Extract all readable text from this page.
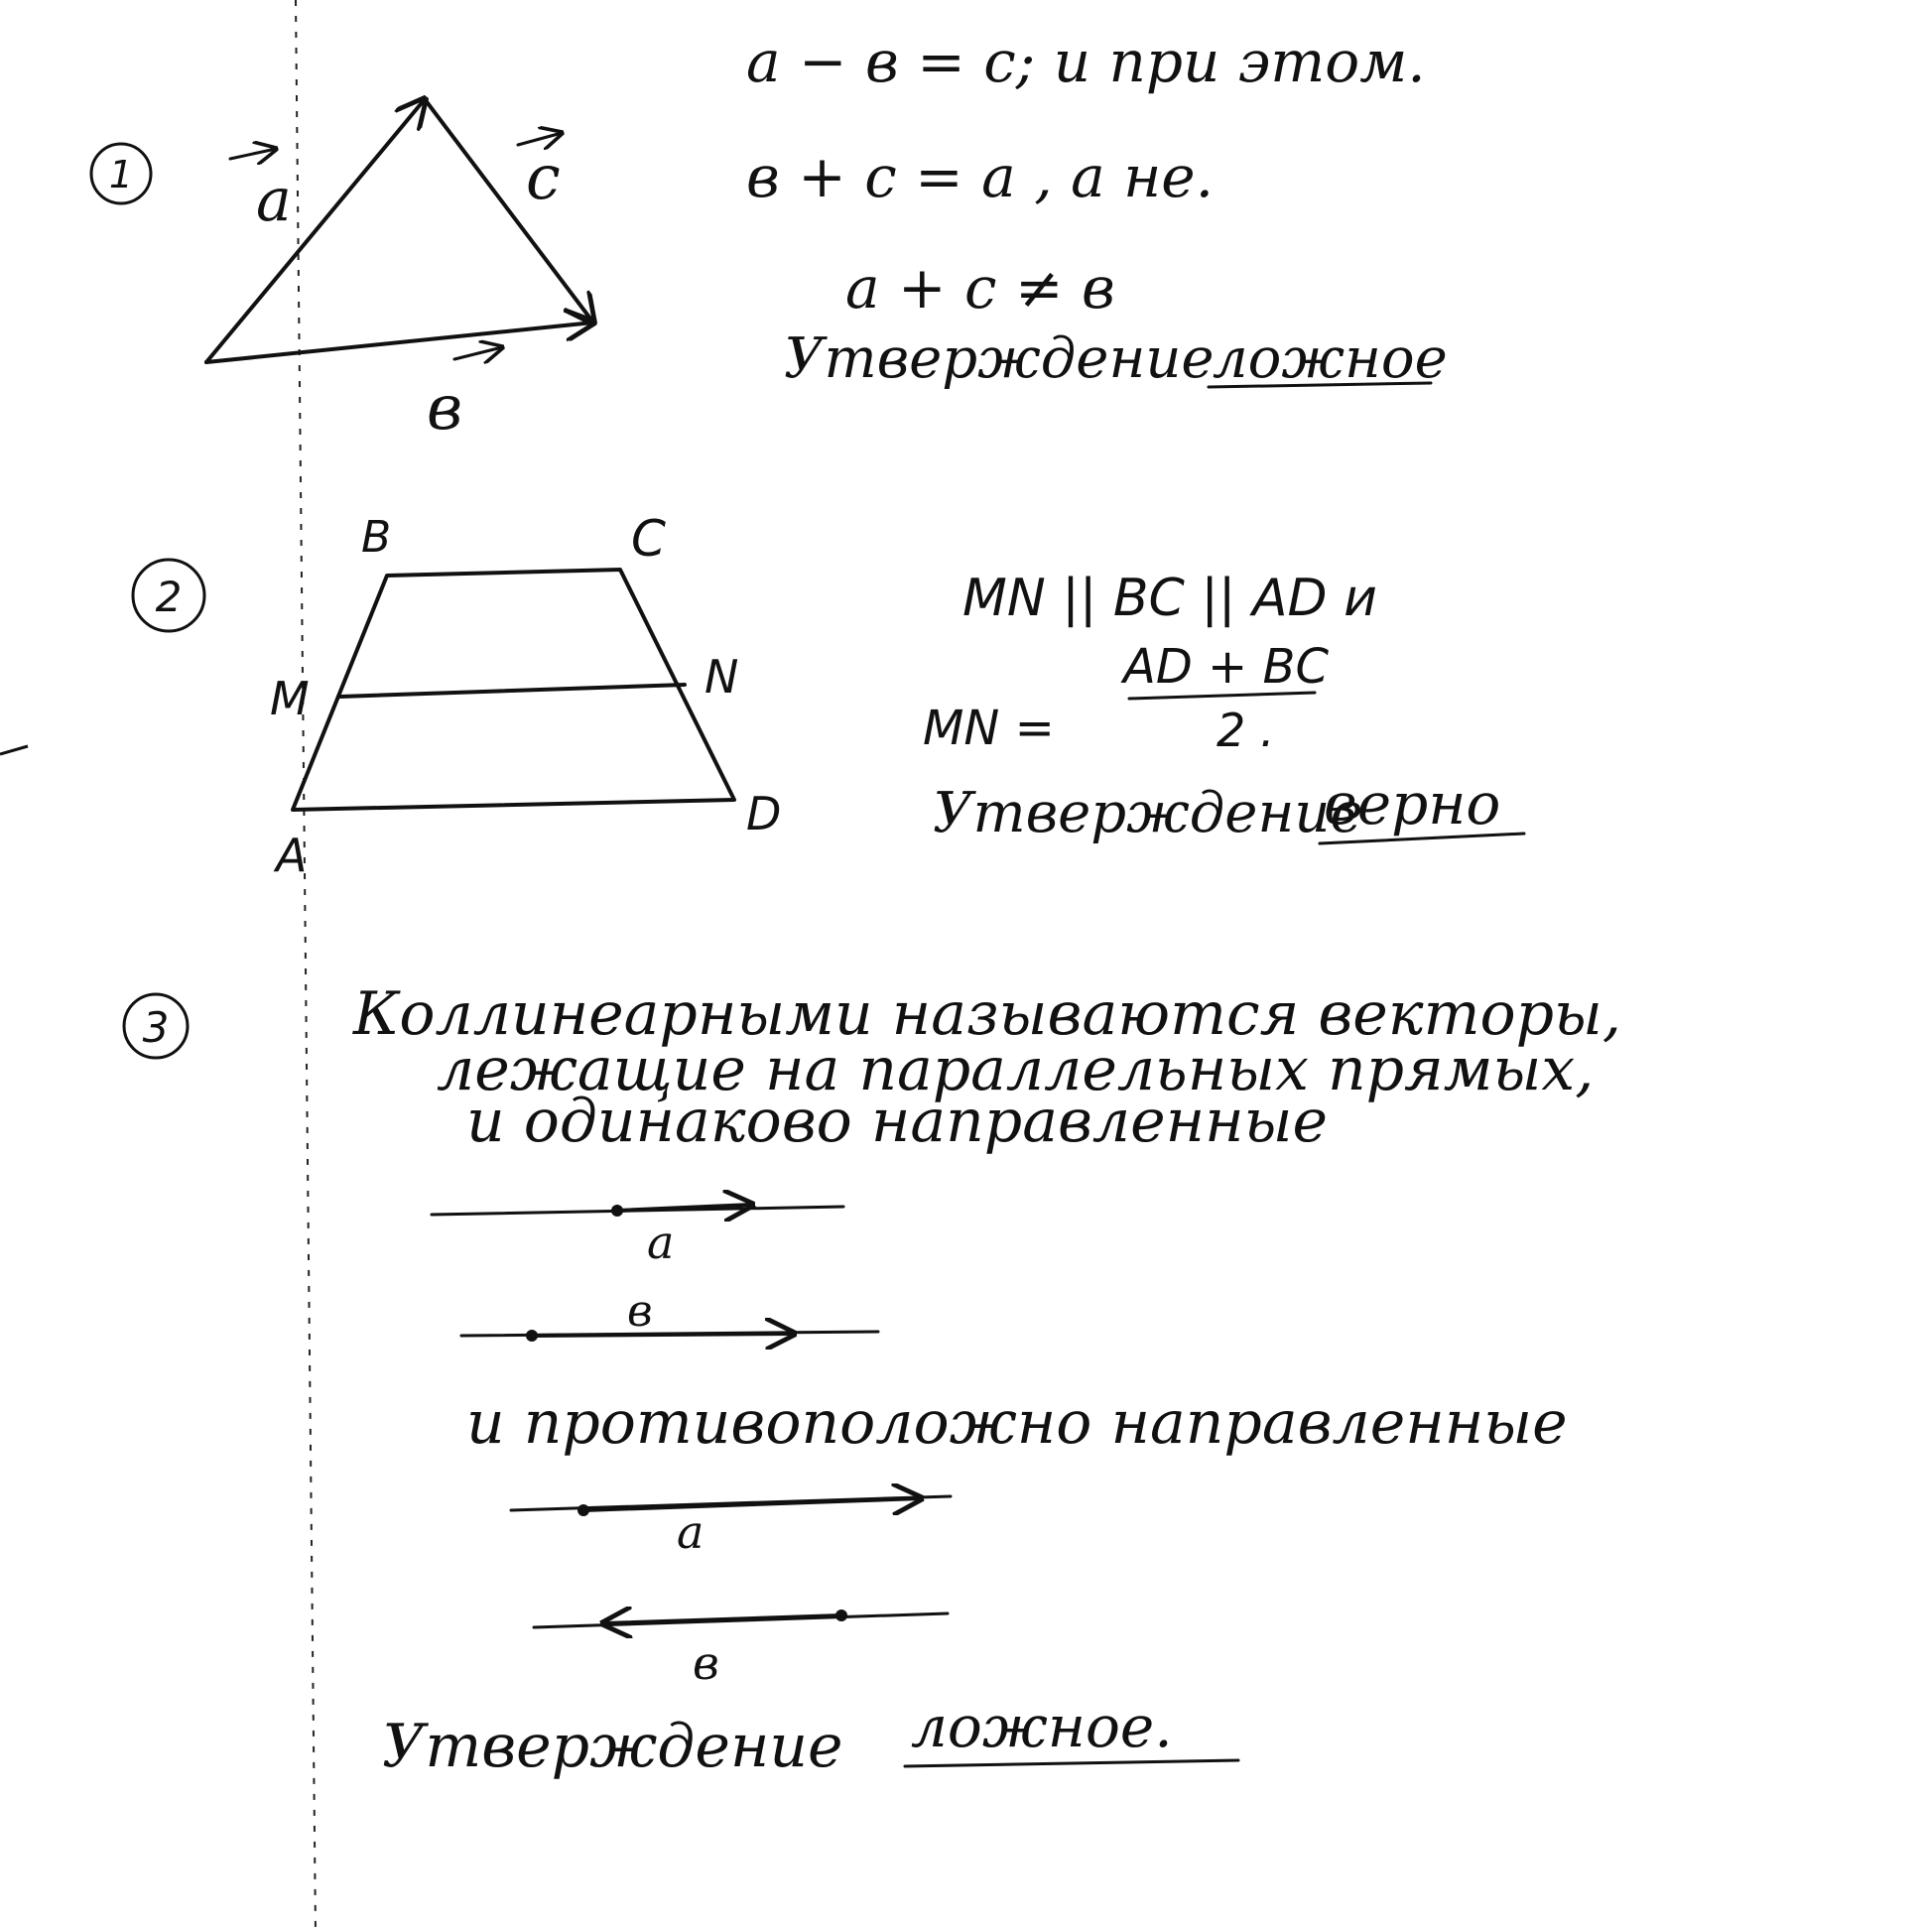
1 a	c
в
a − в = c; и при этом.
в + c = a , а не.
a + c ≠ в
Утверждение
ложное
2
B	C
M	N
A
D
MN || BC || AD и
MN =
AD + BC
2 .
Утверждение
верно
3	Коллинеарными называются векторы,
лежащие на параллельных прямых,
и одинаково направленные
a
в
и противоположно направленные
a
в
Утверждение ложное.
